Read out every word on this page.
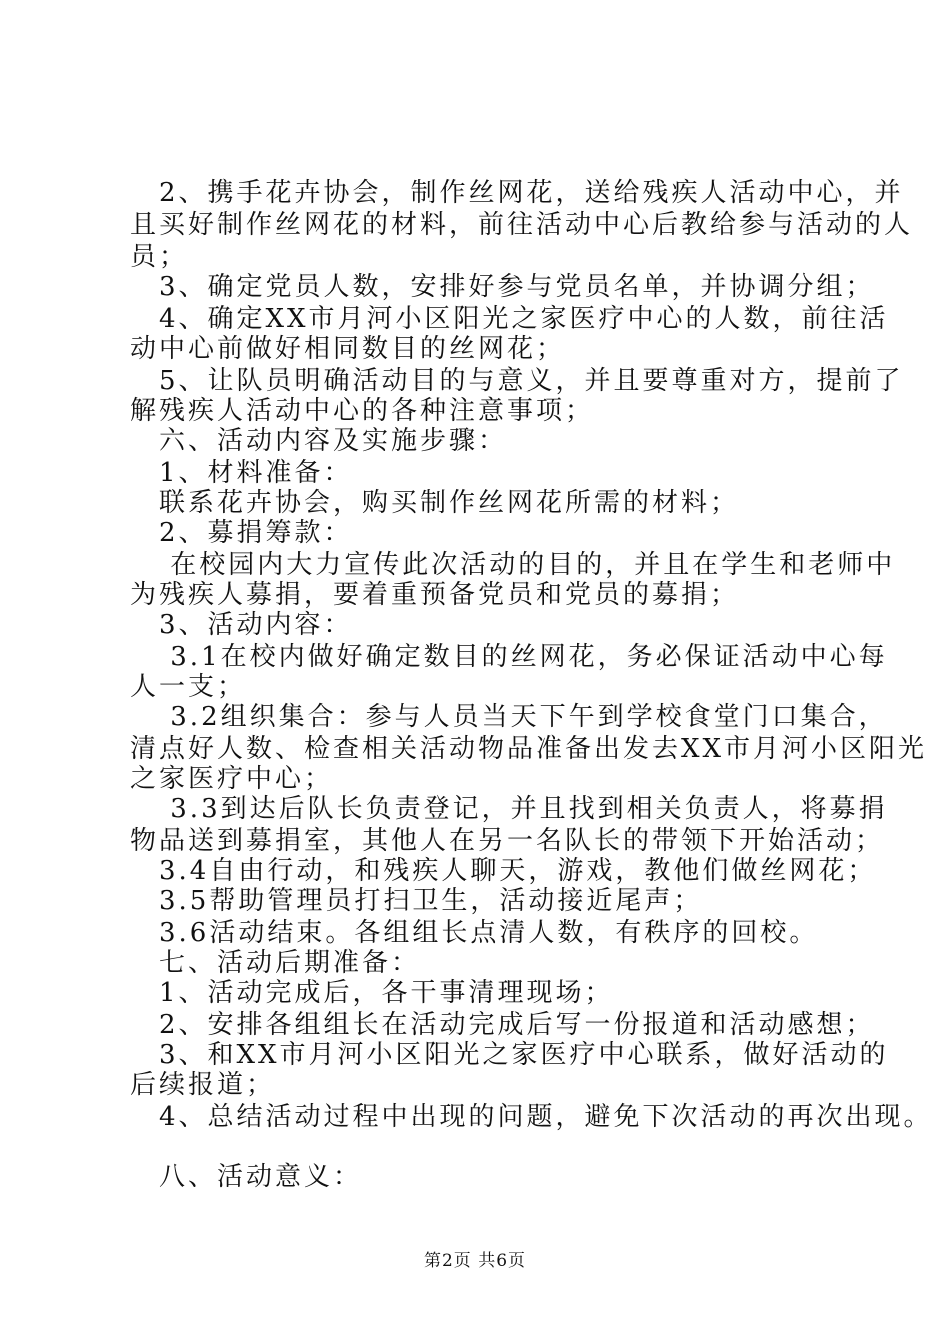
　2、携手花卉协会，制作丝网花，送给残疾人活动中心，并
且买好制作丝网花的材料，前往活动中心后教给参与活动的人
员；
　3、确定党员人数，安排好参与党员名单，并协调分组；
　4、确定XX市月河小区阳光之家医疗中心的人数，前往活
动中心前做好相同数目的丝网花；
　5、让队员明确活动目的与意义，并且要尊重对方，提前了
解残疾人活动中心的各种注意事项；
　六、活动内容及实施步骤：
　1、材料准备：
　联系花卉协会，购买制作丝网花所需的材料；
　2、募捐筹款：
　 在校园内大力宣传此次活动的目的，并且在学生和老师中
为残疾人募捐，要着重预备党员和党员的募捐；
　3、活动内容：
　 3.1在校内做好确定数目的丝网花，务必保证活动中心每
人一支；
　 3.2组织集合：参与人员当天下午到学校食堂门口集合，
清点好人数、检查相关活动物品准备出发去XX市月河小区阳光
之家医疗中心；
　 3.3到达后队长负责登记，并且找到相关负责人，将募捐
物品送到募捐室，其他人在另一名队长的带领下开始活动；
　3.4自由行动，和残疾人聊天，游戏，教他们做丝网花；
　3.5帮助管理员打扫卫生，活动接近尾声；
　3.6活动结束。各组组长点清人数，有秩序的回校。
　七、活动后期准备：
　1、活动完成后，各干事清理现场；
　2、安排各组组长在活动完成后写一份报道和活动感想；
　3、和XX市月河小区阳光之家医疗中心联系，做好活动的
后续报道；
　4、总结活动过程中出现的问题，避免下次活动的再次出现。
　八、活动意义：
第2页 共6页
